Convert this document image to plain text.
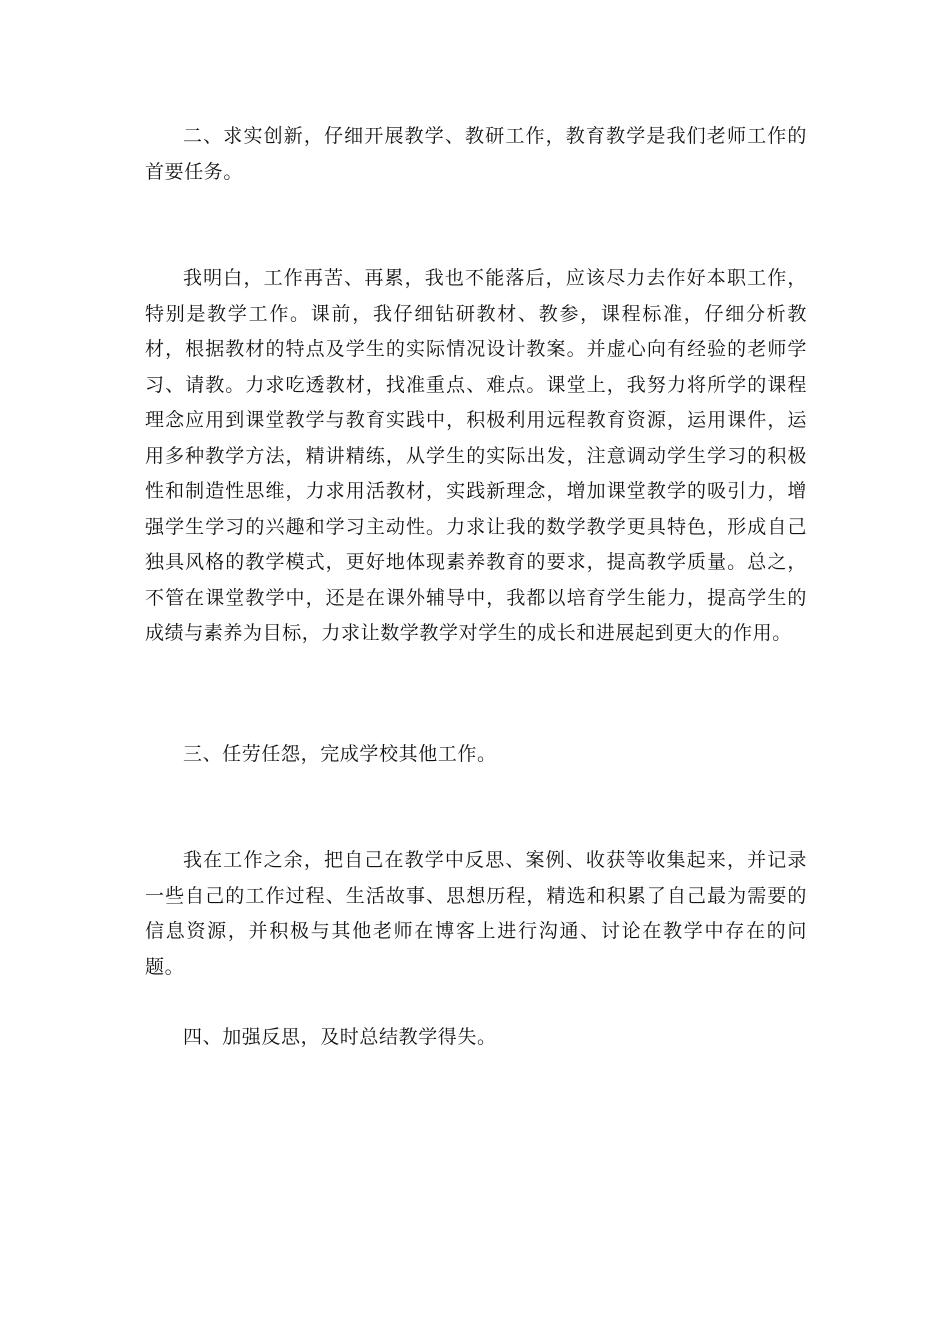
二、求实创新，仔细开展教学、教研工作，教育教学是我们老师工作的首要任务。

我明白，工作再苦、再累，我也不能落后，应该尽力去作好本职工作，特别是教学工作。课前，我仔细钻研教材、教参，课程标准，仔细分析教材，根据教材的特点及学生的实际情况设计教案。并虚心向有经验的老师学习、请教。力求吃透教材，找准重点、难点。课堂上，我努力将所学的课程理念应用到课堂教学与教育实践中，积极利用远程教育资源，运用课件，运用多种教学方法，精讲精练，从学生的实际出发，注意调动学生学习的积极性和制造性思维，力求用活教材，实践新理念，增加课堂教学的吸引力，增强学生学习的兴趣和学习主动性。力求让我的数学教学更具特色，形成自己独具风格的教学模式，更好地体现素养教育的要求，提高教学质量。总之，不管在课堂教学中，还是在课外辅导中，我都以培育学生能力，提高学生的成绩与素养为目标，力求让数学教学对学生的成长和进展起到更大的作用。

三、任劳任怨，完成学校其他工作。

我在工作之余，把自己在教学中反思、案例、收获等收集起来，并记录一些自己的工作过程、生活故事、思想历程，精选和积累了自己最为需要的信息资源，并积极与其他老师在博客上进行沟通、讨论在教学中存在的问题。

四、加强反思，及时总结教学得失。
